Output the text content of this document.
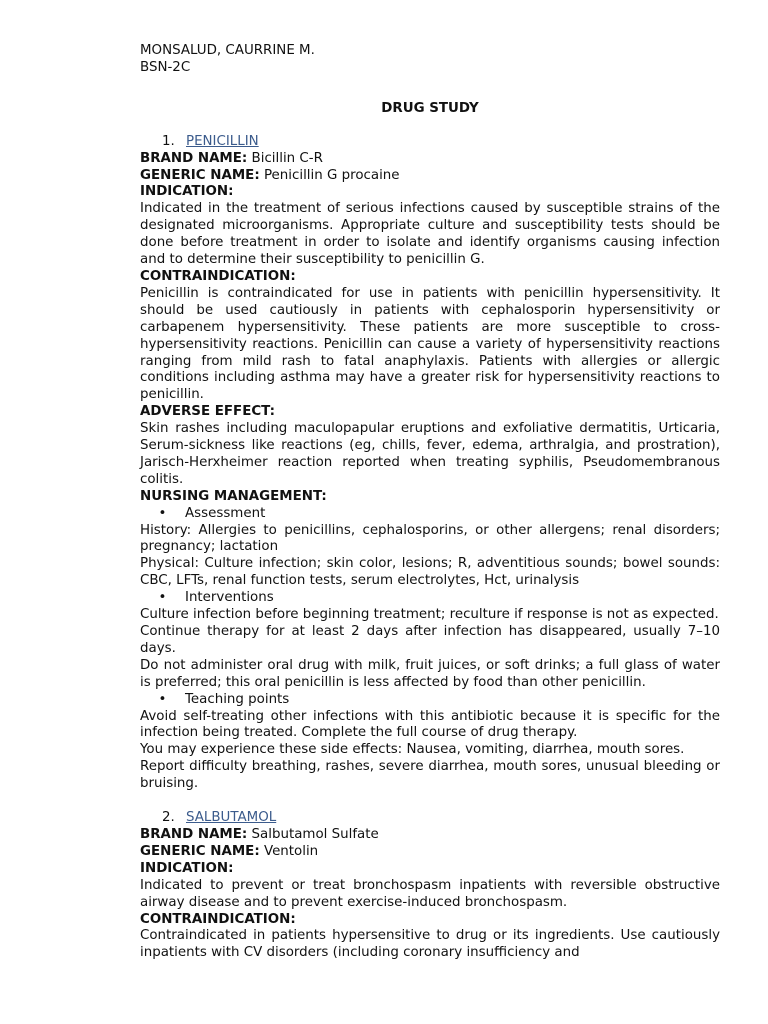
MONSALUD, CAURRINE M.
BSN-2C
DRUG STUDY
1. PENICILLIN

BRAND NAME: Bicillin C-R

GENERIC NAME: Penicillin G procaine

INDICATION:

Indicated in the treatment of serious infections caused by susceptible strains of the designated microorganisms. Appropriate culture and susceptibility tests should be done before treatment in order to isolate and identify organisms causing infection and to determine their susceptibility to penicillin G.

CONTRAINDICATION:

Penicillin is contraindicated for use in patients with penicillin hypersensitivity. It should be used cautiously in patients with cephalosporin hypersensitivity or carbapenem hypersensitivity. These patients are more susceptible to cross-hypersensitivity reactions. Penicillin can cause a variety of hypersensitivity reactions ranging from mild rash to fatal anaphylaxis. Patients with allergies or allergic conditions including asthma may have a greater risk for hypersensitivity reactions to penicillin.

ADVERSE EFFECT:

Skin rashes including maculopapular eruptions and exfoliative dermatitis, Urticaria, Serum-sickness like reactions (eg, chills, fever, edema, arthralgia, and prostration), Jarisch-Herxheimer reaction reported when treating syphilis, Pseudomembranous colitis.

NURSING MANAGEMENT:

•	Assessment

History: Allergies to penicillins, cephalosporins, or other allergens; renal disorders; pregnancy; lactation

Physical: Culture infection; skin color, lesions; R, adventitious sounds; bowel sounds: CBC, LFTs, renal function tests, serum electrolytes, Hct, urinalysis

•	Interventions

Culture infection before beginning treatment; reculture if response is not as expected.

Continue therapy for at least 2 days after infection has disappeared, usually 7–10 days.

Do not administer oral drug with milk, fruit juices, or soft drinks; a full glass of water is preferred; this oral penicillin is less affected by food than other penicillin.

•	Teaching points

Avoid self-treating other infections with this antibiotic because it is specific for the infection being treated. Complete the full course of drug therapy.

You may experience these side effects: Nausea, vomiting, diarrhea, mouth sores.

Report difficulty breathing, rashes, severe diarrhea, mouth sores, unusual bleeding or bruising.

2. SALBUTAMOL

BRAND NAME: Salbutamol Sulfate

GENERIC NAME: Ventolin

INDICATION:

Indicated to prevent or treat bronchospasm inpatients with reversible obstructive airway disease and to prevent exercise-induced bronchospasm.

CONTRAINDICATION:

Contraindicated in patients hypersensitive to drug or its ingredients. Use cautiously inpatients with CV disorders (including coronary insufficiency and
